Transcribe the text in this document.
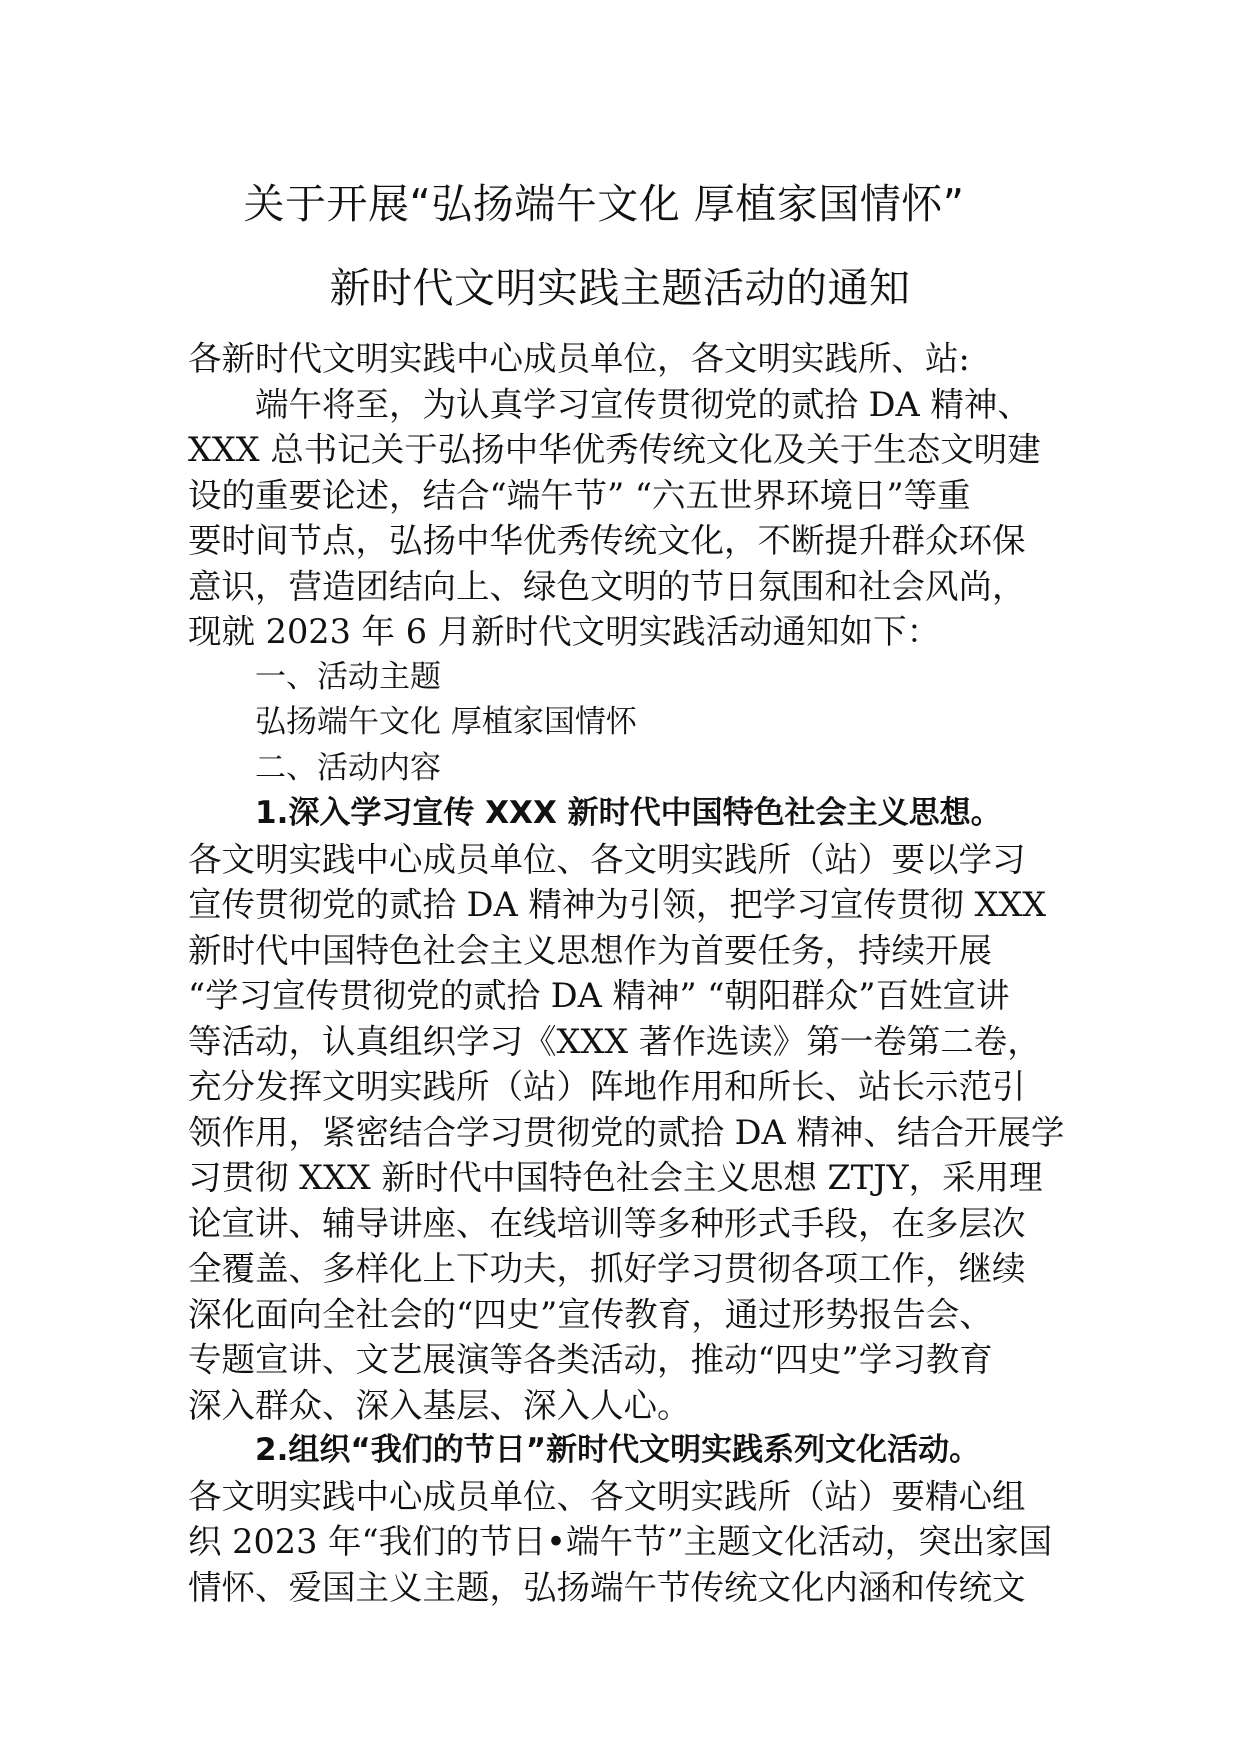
关于开展“弘扬端午文化 厚植家国情怀”
新时代文明实践主题活动的通知
各新时代文明实践中心成员单位，各文明实践所、站:
端午将至，为认真学习宣传贯彻党的贰拾 DA 精神、
XXX 总书记关于弘扬中华优秀传统文化及关于生态文明建
设的重要论述，结合“端午节” “六五世界环境日”等重
要时间节点，弘扬中华优秀传统文化，不断提升群众环保
意识，营造团结向上、绿色文明的节日氛围和社会风尚，
现就 2023 年 6 月新时代文明实践活动通知如下：
一、活动主题
弘扬端午文化 厚植家国情怀
二、活动内容
1.深入学习宣传 XXX 新时代中国特色社会主义思想。
各文明实践中心成员单位、各文明实践所（站）要以学习
宣传贯彻党的贰拾 DA 精神为引领，把学习宣传贯彻 XXX
新时代中国特色社会主义思想作为首要任务，持续开展
“学习宣传贯彻党的贰拾 DA 精神” “朝阳群众”百姓宣讲
等活动，认真组织学习《XXX 著作选读》第一卷第二卷，
充分发挥文明实践所（站）阵地作用和所长、站长示范引
领作用，紧密结合学习贯彻党的贰拾 DA 精神、结合开展学
习贯彻 XXX 新时代中国特色社会主义思想 ZTJY，采用理
论宣讲、辅导讲座、在线培训等多种形式手段，在多层次
全覆盖、多样化上下功夫，抓好学习贯彻各项工作，继续
深化面向全社会的“四史”宣传教育，通过形势报告会、
专题宣讲、文艺展演等各类活动，推动“四史”学习教育
深入群众、深入基层、深入人心。
2.组织“我们的节日”新时代文明实践系列文化活动。
各文明实践中心成员单位、各文明实践所（站）要精心组
织 2023 年“我们的节日•端午节”主题文化活动，突出家国
情怀、爱国主义主题，弘扬端午节传统文化内涵和传统文
